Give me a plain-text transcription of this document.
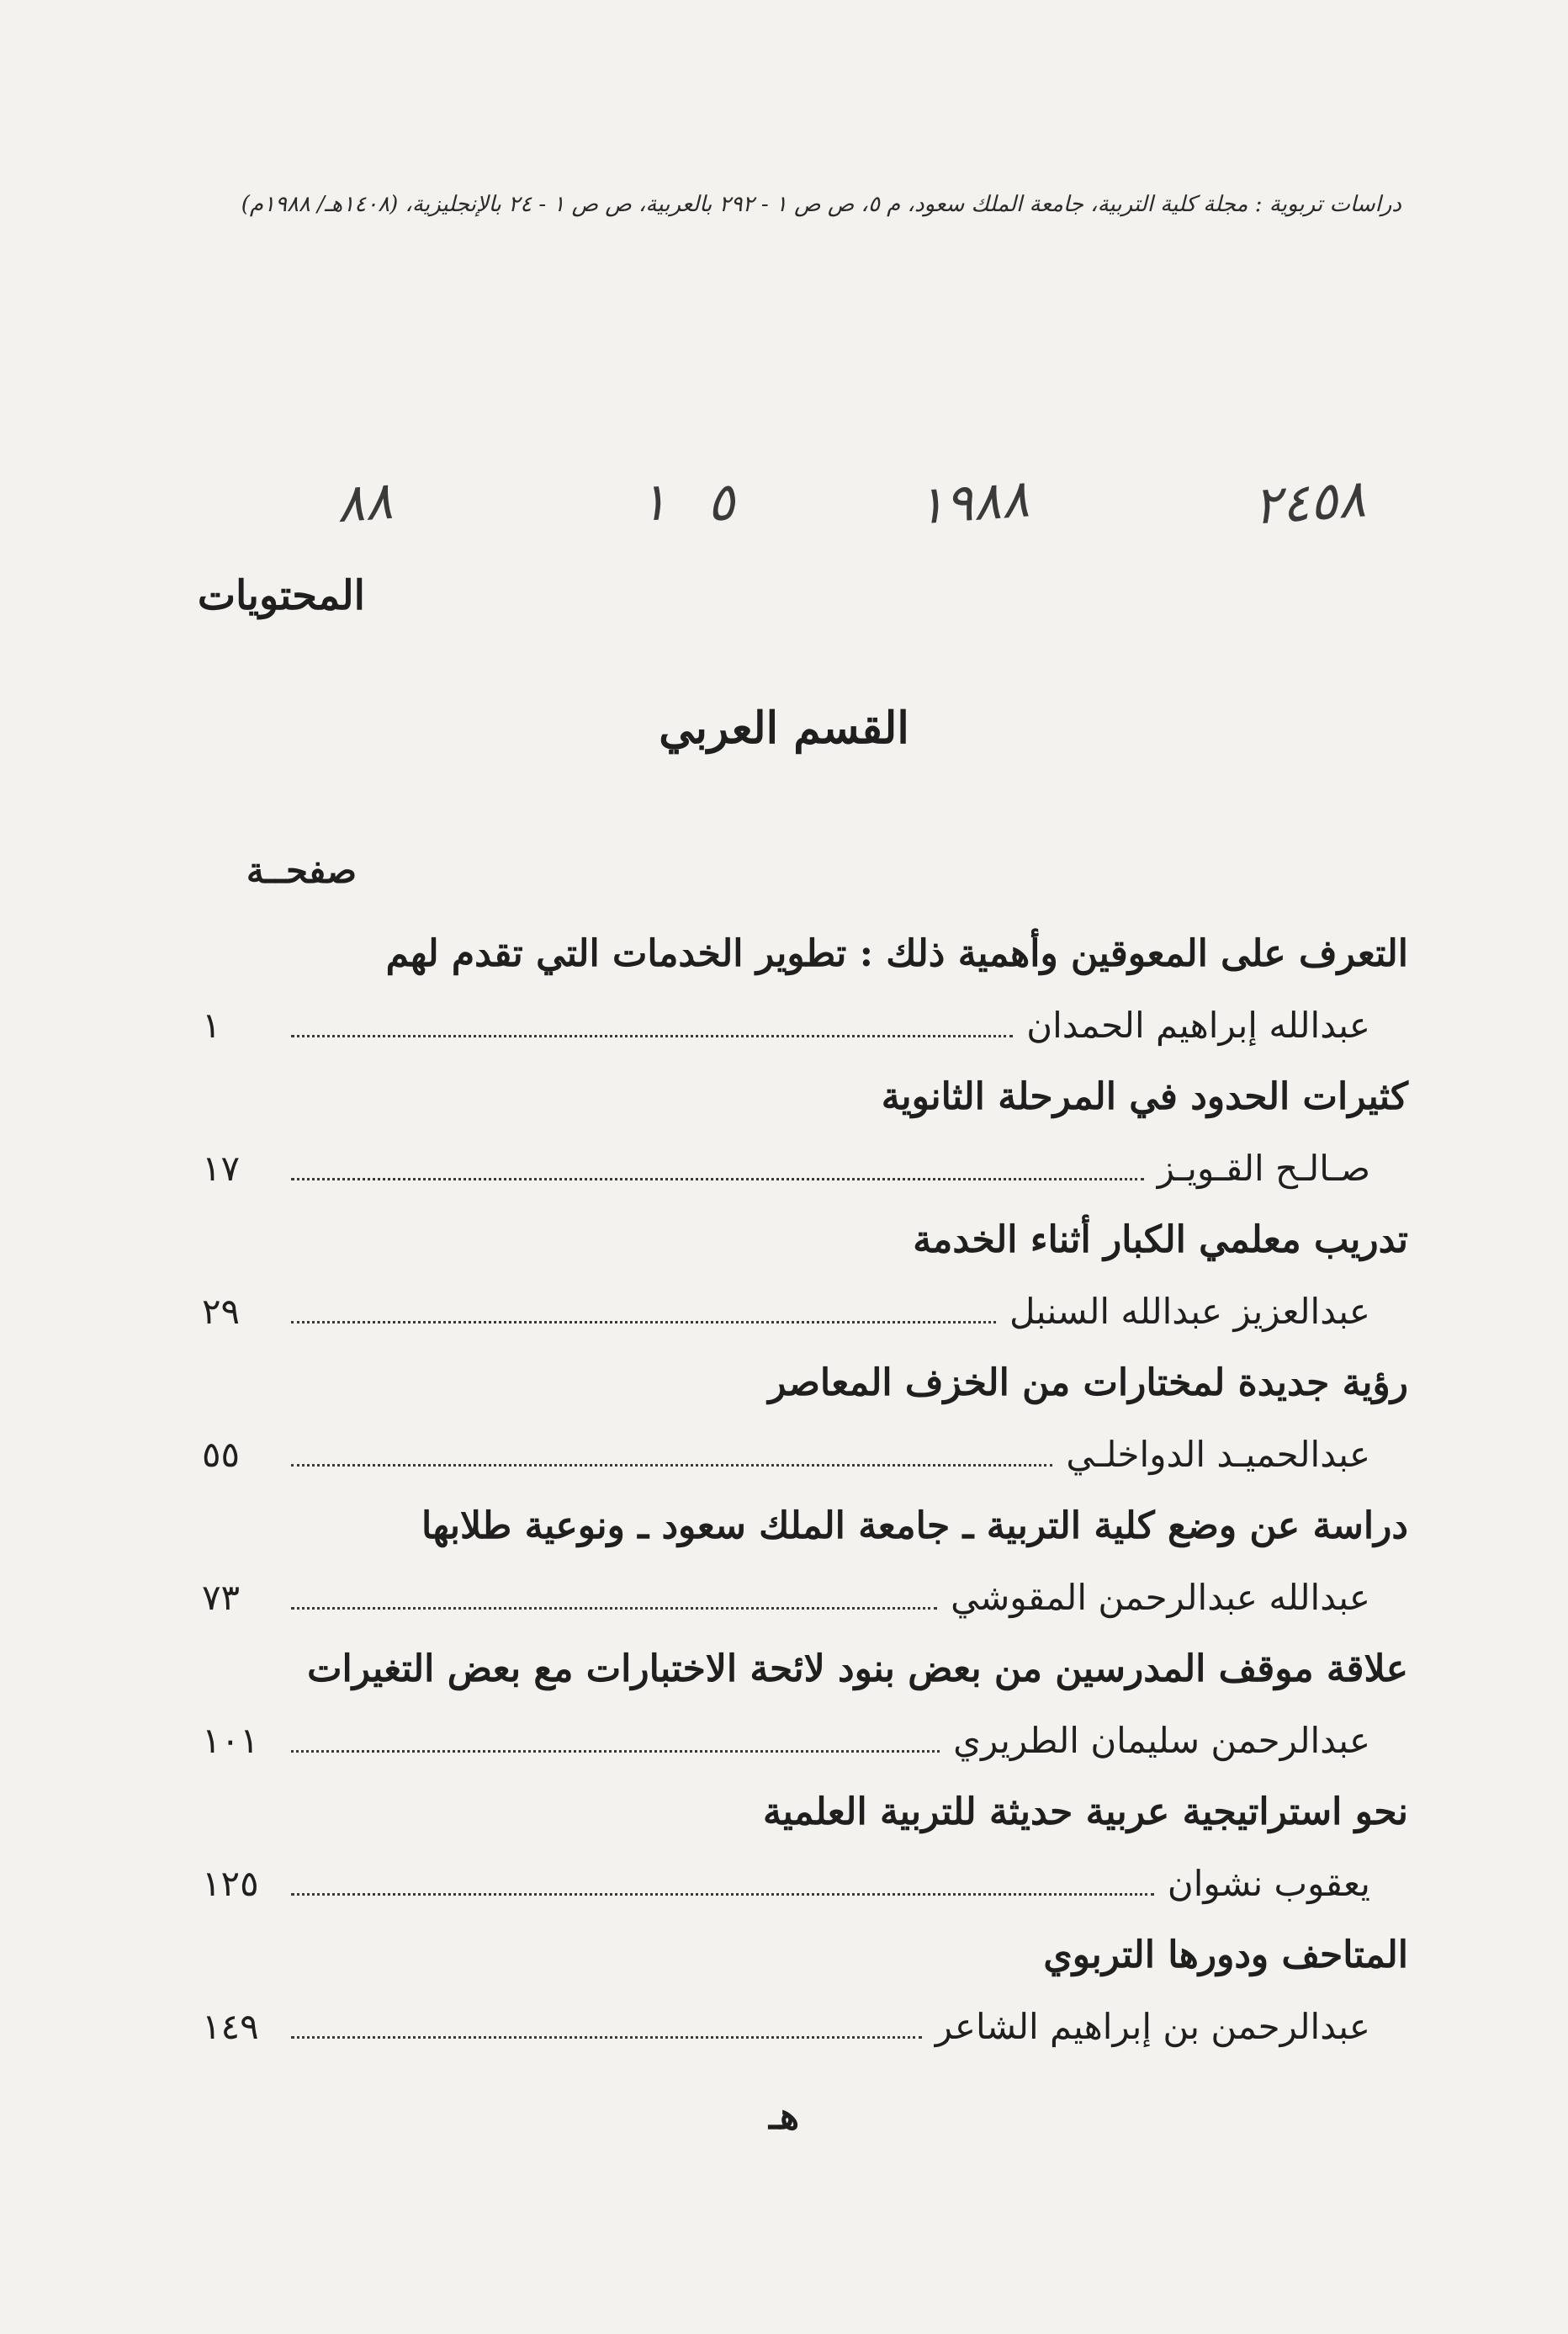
٢٤٥٨
١٩٨٨
٥
١
٨٨
دراسات تربوية : مجلة كلية التربية، جامعة الملك سعود، م ٥، ص ص ١ - ٢٩٢ بالعربية، ص ص ١ - ٢٤ بالإنجليزية، (١٤٠٨هـ/ ١٩٨٨م)
المحتويات
القسم العربي
صفحــة
التعرف على المعوقين وأهمية ذلك : تطوير الخدمات التي تقدم لهم
عبدالله إبراهيم الحمدان
١
كثيرات الحدود في المرحلة الثانوية
صـالـح القـويـز
١٧
تدريب معلمي الكبار أثناء الخدمة
عبدالعزيز عبدالله السنبل
٢٩
رؤية جديدة لمختارات من الخزف المعاصر
عبدالحميـد الدواخلـي
٥٥
دراسة عن وضع كلية التربية ـ جامعة الملك سعود ـ ونوعية طلابها
عبدالله عبدالرحمن المقوشي
٧٣
علاقة موقف المدرسين من بعض بنود لائحة الاختبارات مع بعض التغيرات
عبدالرحمن سليمان الطريري
١٠١
نحو استراتيجية عربية حديثة للتربية العلمية
يعقوب نشوان
١٢٥
المتاحف ودورها التربوي
عبدالرحمن بن إبراهيم الشاعر
١٤٩
هـ
